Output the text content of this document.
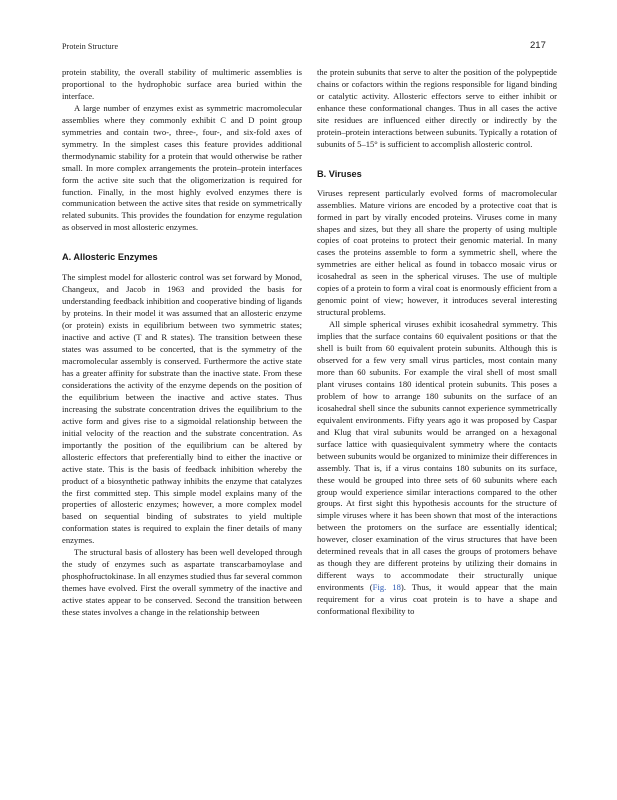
Protein Structure	217

protein stability, the overall stability of multimeric assemblies is proportional to the hydrophobic surface area buried within the interface.

A large number of enzymes exist as symmetric macromolecular assemblies where they commonly exhibit C and D point group symmetries and contain two-, three-, four-, and six-fold axes of symmetry. In the simplest cases this feature provides additional thermodynamic stability for a protein that would otherwise be rather small. In more complex arrangements the protein–protein interfaces form the active site such that the oligomerization is required for function. Finally, in the most highly evolved enzymes there is communication between the active sites that reside on symmetrically related subunits. This provides the foundation for enzyme regulation as observed in most allosteric enzymes.

A. Allosteric Enzymes

The simplest model for allosteric control was set forward by Monod, Changeux, and Jacob in 1963 and provided the basis for understanding feedback inhibition and cooperative binding of ligands by proteins. In their model it was assumed that an allosteric enzyme (or protein) exists in equilibrium between two symmetric states; inactive and active (T and R states). The transition between these states was assumed to be concerted, that is the symmetry of the macromolecular assembly is conserved. Furthermore the active state has a greater affinity for substrate than the inactive state. From these considerations the activity of the enzyme depends on the position of the equilibrium between the inactive and active states. Thus increasing the substrate concentration drives the equilibrium to the active form and gives rise to a sigmoidal relationship between the initial velocity of the reaction and the substrate concentration. As importantly the position of the equilibrium can be altered by allosteric effectors that preferentially bind to either the inactive or active state. This is the basis of feedback inhibition whereby the product of a biosynthetic pathway inhibits the enzyme that catalyzes the first committed step. This simple model explains many of the properties of allosteric enzymes; however, a more complex model based on sequential binding of substrates to yield multiple conformation states is required to explain the finer details of many enzymes.

The structural basis of allostery has been well developed through the study of enzymes such as aspartate transcarbamoylase and phosphofructokinase. In all enzymes studied thus far several common themes have evolved. First the overall symmetry of the inactive and active states appear to be conserved. Second the transition between these states involves a change in the relationship between

the protein subunits that serve to alter the position of the polypeptide chains or cofactors within the regions responsible for ligand binding or catalytic activity. Allosteric effectors serve to either inhibit or enhance these conformational changes. Thus in all cases the active site residues are influenced either directly or indirectly by the protein–protein interactions between subunits. Typically a rotation of subunits of 5–15° is sufficient to accomplish allosteric control.

B. Viruses

Viruses represent particularly evolved forms of macromolecular assemblies. Mature virions are encoded by a protective coat that is formed in part by virally encoded proteins. Viruses come in many shapes and sizes, but they all share the property of using multiple copies of coat proteins to protect their genomic material. In many cases the proteins assemble to form a symmetric shell, where the symmetries are either helical as found in tobacco mosaic virus or icosahedral as seen in the spherical viruses. The use of multiple copies of a protein to form a viral coat is enormously efficient from a genomic point of view; however, it introduces several interesting structural problems.

All simple spherical viruses exhibit icosahedral symmetry. This implies that the surface contains 60 equivalent positions or that the shell is built from 60 equivalent protein subunits. Although this is observed for a few very small virus particles, most contain many more than 60 subunits. For example the viral shell of most small plant viruses contains 180 identical protein subunits. This poses a problem of how to arrange 180 subunits on the surface of an icosahedral shell since the subunits cannot experience symmetrically equivalent environments. Fifty years ago it was proposed by Caspar and Klug that viral subunits would be arranged on a hexagonal surface lattice with quasiequivalent symmetry where the contacts between subunits would be organized to minimize their differences in assembly. That is, if a virus contains 180 subunits on its surface, these would be grouped into three sets of 60 subunits where each group would experience similar interactions compared to the other groups. At first sight this hypothesis accounts for the structure of simple viruses where it has been shown that most of the interactions between the protomers on the surface are essentially identical; however, closer examination of the virus structures that have been determined reveals that in all cases the groups of protomers behave as though they are different proteins by utilizing their domains in different ways to accommodate their structurally unique environments (Fig. 18). Thus, it would appear that the main requirement for a virus coat protein is to have a shape and conformational flexibility to
